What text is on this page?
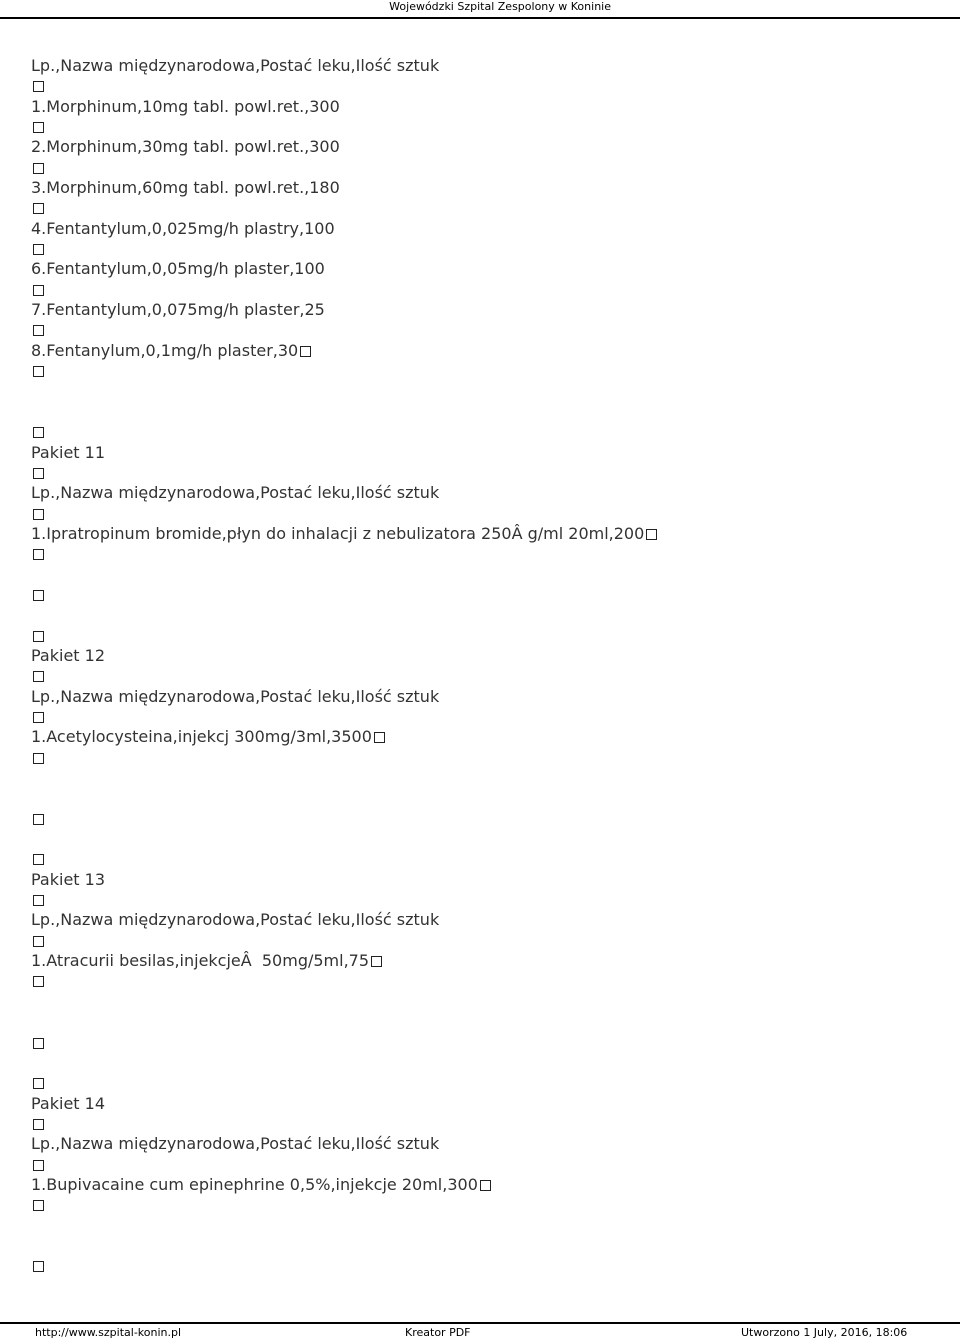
Wojewódzki Szpital Zespolony w Koninie
Lp.,Nazwa międzynarodowa,Postać leku,Ilość sztuk
1.Morphinum,10mg tabl. powl.ret.,300
2.Morphinum,30mg tabl. powl.ret.,300
3.Morphinum,60mg tabl. powl.ret.,180
4.Fentantylum,0,025mg/h plastry,100
6.Fentantylum,0,05mg/h plaster,100
7.Fentantylum,0,075mg/h plaster,25
8.Fentanylum,0,1mg/h plaster,30
Pakiet 11
Lp.,Nazwa międzynarodowa,Postać leku,Ilość sztuk
1.Ipratropinum bromide,płyn do inhalacji z nebulizatora 250Â g/ml 20ml,200
Pakiet 12
Lp.,Nazwa międzynarodowa,Postać leku,Ilość sztuk
1.Acetylocysteina,injekcj 300mg/3ml,3500
Pakiet 13
Lp.,Nazwa międzynarodowa,Postać leku,Ilość sztuk
1.Atracurii besilas,injekcjeÂ  50mg/5ml,75
Pakiet 14
Lp.,Nazwa międzynarodowa,Postać leku,Ilość sztuk
1.Bupivacaine cum epinephrine 0,5%,injekcje 20ml,300
http://www.szpital-konin.pl	Kreator PDF	Utworzono 1 July, 2016, 18:06
